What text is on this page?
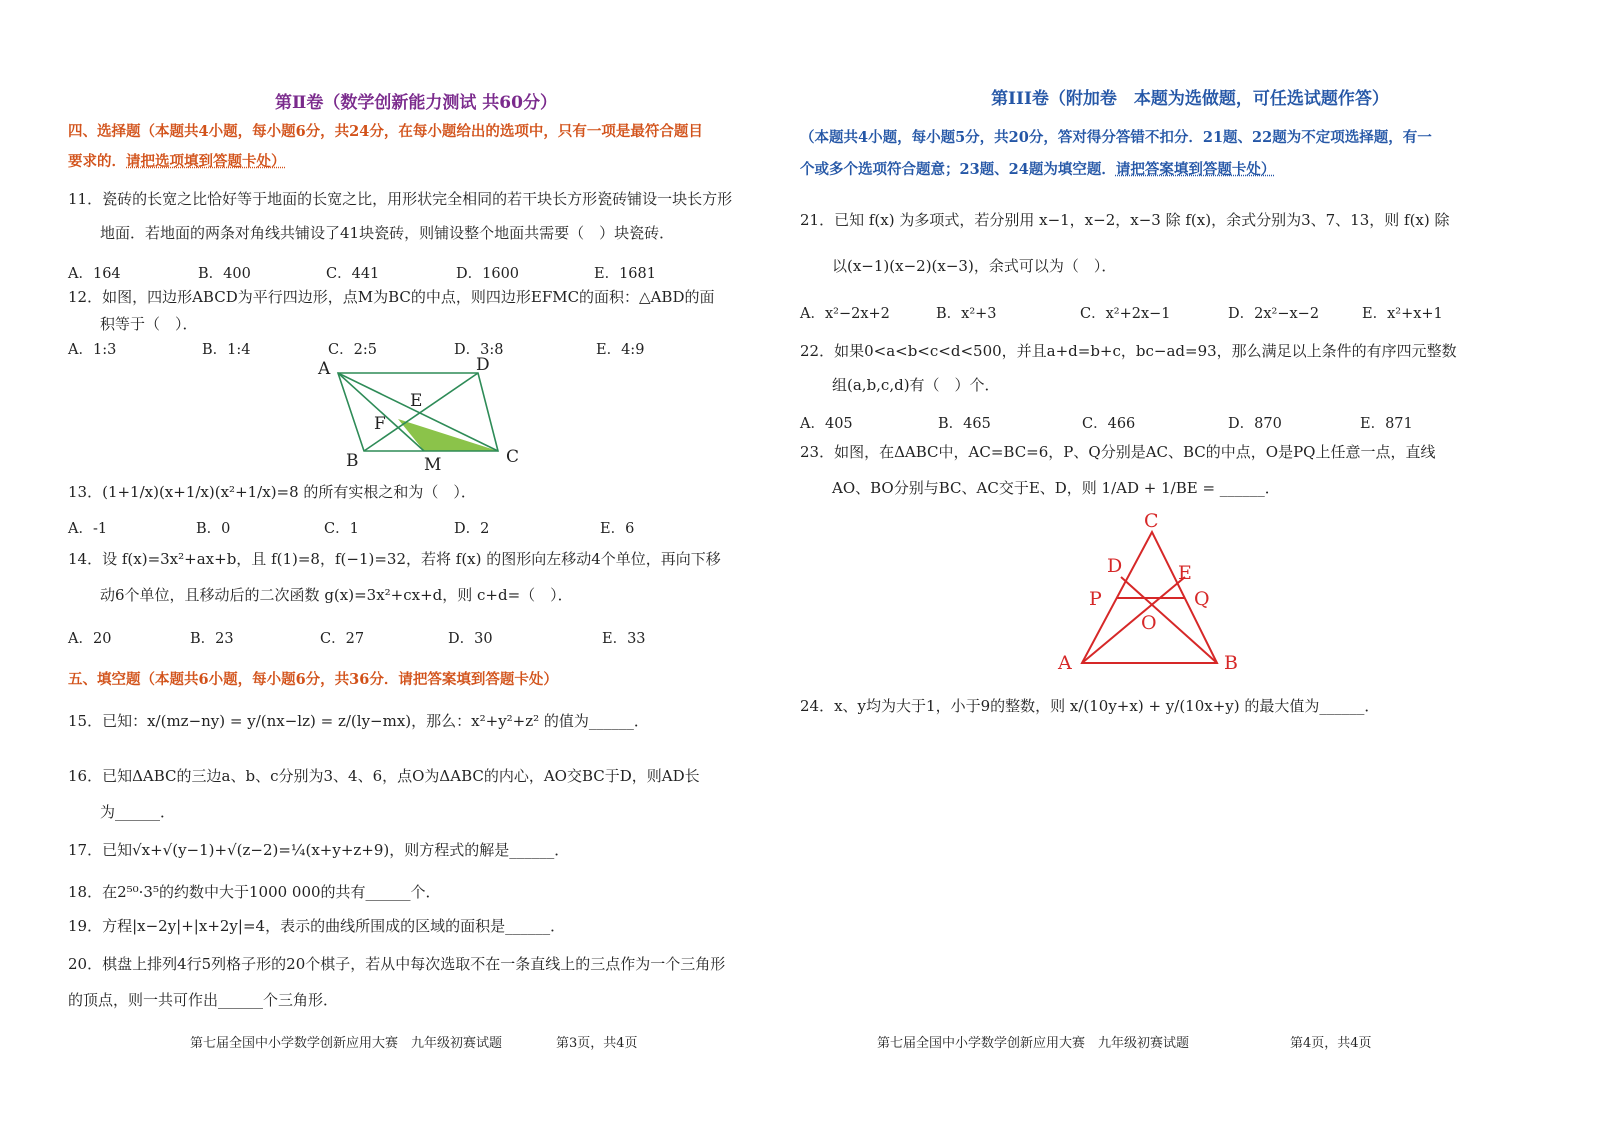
第Ⅱ卷（数学创新能力测试 共60分）
四、选择题（本题共4小题，每小题6分，共24分，在每小题给出的选项中，只有一项是最符合题目
要求的．请把选项填到答题卡处）
11．瓷砖的长宽之比恰好等于地面的长宽之比，用形状完全相同的若干块长方形瓷砖铺设一块长方形
地面．若地面的两条对角线共铺设了41块瓷砖，则铺设整个地面共需要（　）块瓷砖．
A．164	B．400	C．441	D．1600	E．1681
12．如图，四边形ABCD为平行四边形，点M为BC的中点，则四边形EFMC的面积：△ABD的面
积等于（　）．
A．1:3	B．1:4	C．2:5	D．3:8	E．4:9
A	D
E
F
B	M	C
13．(1+1/x)(x+1/x)(x²+1/x)=8 的所有实根之和为（　）．
A．-1	B．0	C．1	D．2	E．6
14．设 f(x)=3x²+ax+b，且 f(1)=8，f(−1)=32，若将 f(x) 的图形向左移动4个单位，再向下移
动6个单位，且移动后的二次函数 g(x)=3x²+cx+d，则 c+d=（　）．
A．20	B．23	C．27	D．30	E．33
五、填空题（本题共6小题，每小题6分，共36分．请把答案填到答题卡处）
15．已知：x/(mz−ny) = y/(nx−lz) = z/(ly−mx)，那么：x²+y²+z² 的值为______．
16．已知ΔABC的三边a、b、c分别为3、4、6，点O为ΔABC的内心，AO交BC于D，则AD长
为______．
17．已知√x+√(y−1)+√(z−2)=¼(x+y+z+9)，则方程式的解是______．
18．在2⁵⁰·3⁵的约数中大于1000 000的共有______个．
19．方程|x−2y|+|x+2y|=4，表示的曲线所围成的区域的面积是______．
20．棋盘上排列4行5列格子形的20个棋子，若从中每次选取不在一条直线上的三点作为一个三角形
的顶点，则一共可作出______个三角形．
第七届全国中小学数学创新应用大赛　九年级初赛试题	第3页，共4页
第III卷（附加卷　本题为选做题，可任选试题作答）
（本题共4小题，每小题5分，共20分，答对得分答错不扣分．21题、22题为不定项选择题，有一
个或多个选项符合题意；23题、24题为填空题．请把答案填到答题卡处）
21．已知 f(x) 为多项式，若分别用 x−1，x−2，x−3 除 f(x)，余式分别为3、7、13，则 f(x) 除
以(x−1)(x−2)(x−3)，余式可以为（　）．
A．x²−2x+2	B．x²+3	C．x²+2x−1	D．2x²−x−2	E．x²+x+1
22．如果0<a<b<c<d<500，并且a+d=b+c，bc−ad=93，那么满足以上条件的有序四元整数
组(a,b,c,d)有（　）个．
A．405	B．465	C．466	D．870	E．871
23．如图，在ΔABC中，AC=BC=6，P、Q分别是AC、BC的中点，O是PQ上任意一点，直线
AO、BO分别与BC、AC交于E、D，则 1/AD + 1/BE = ______．
C
D	E
P	Q
O
A	B
24．x、y均为大于1，小于9的整数，则 x/(10y+x) + y/(10x+y) 的最大值为______．
第七届全国中小学数学创新应用大赛　九年级初赛试题	第4页，共4页
